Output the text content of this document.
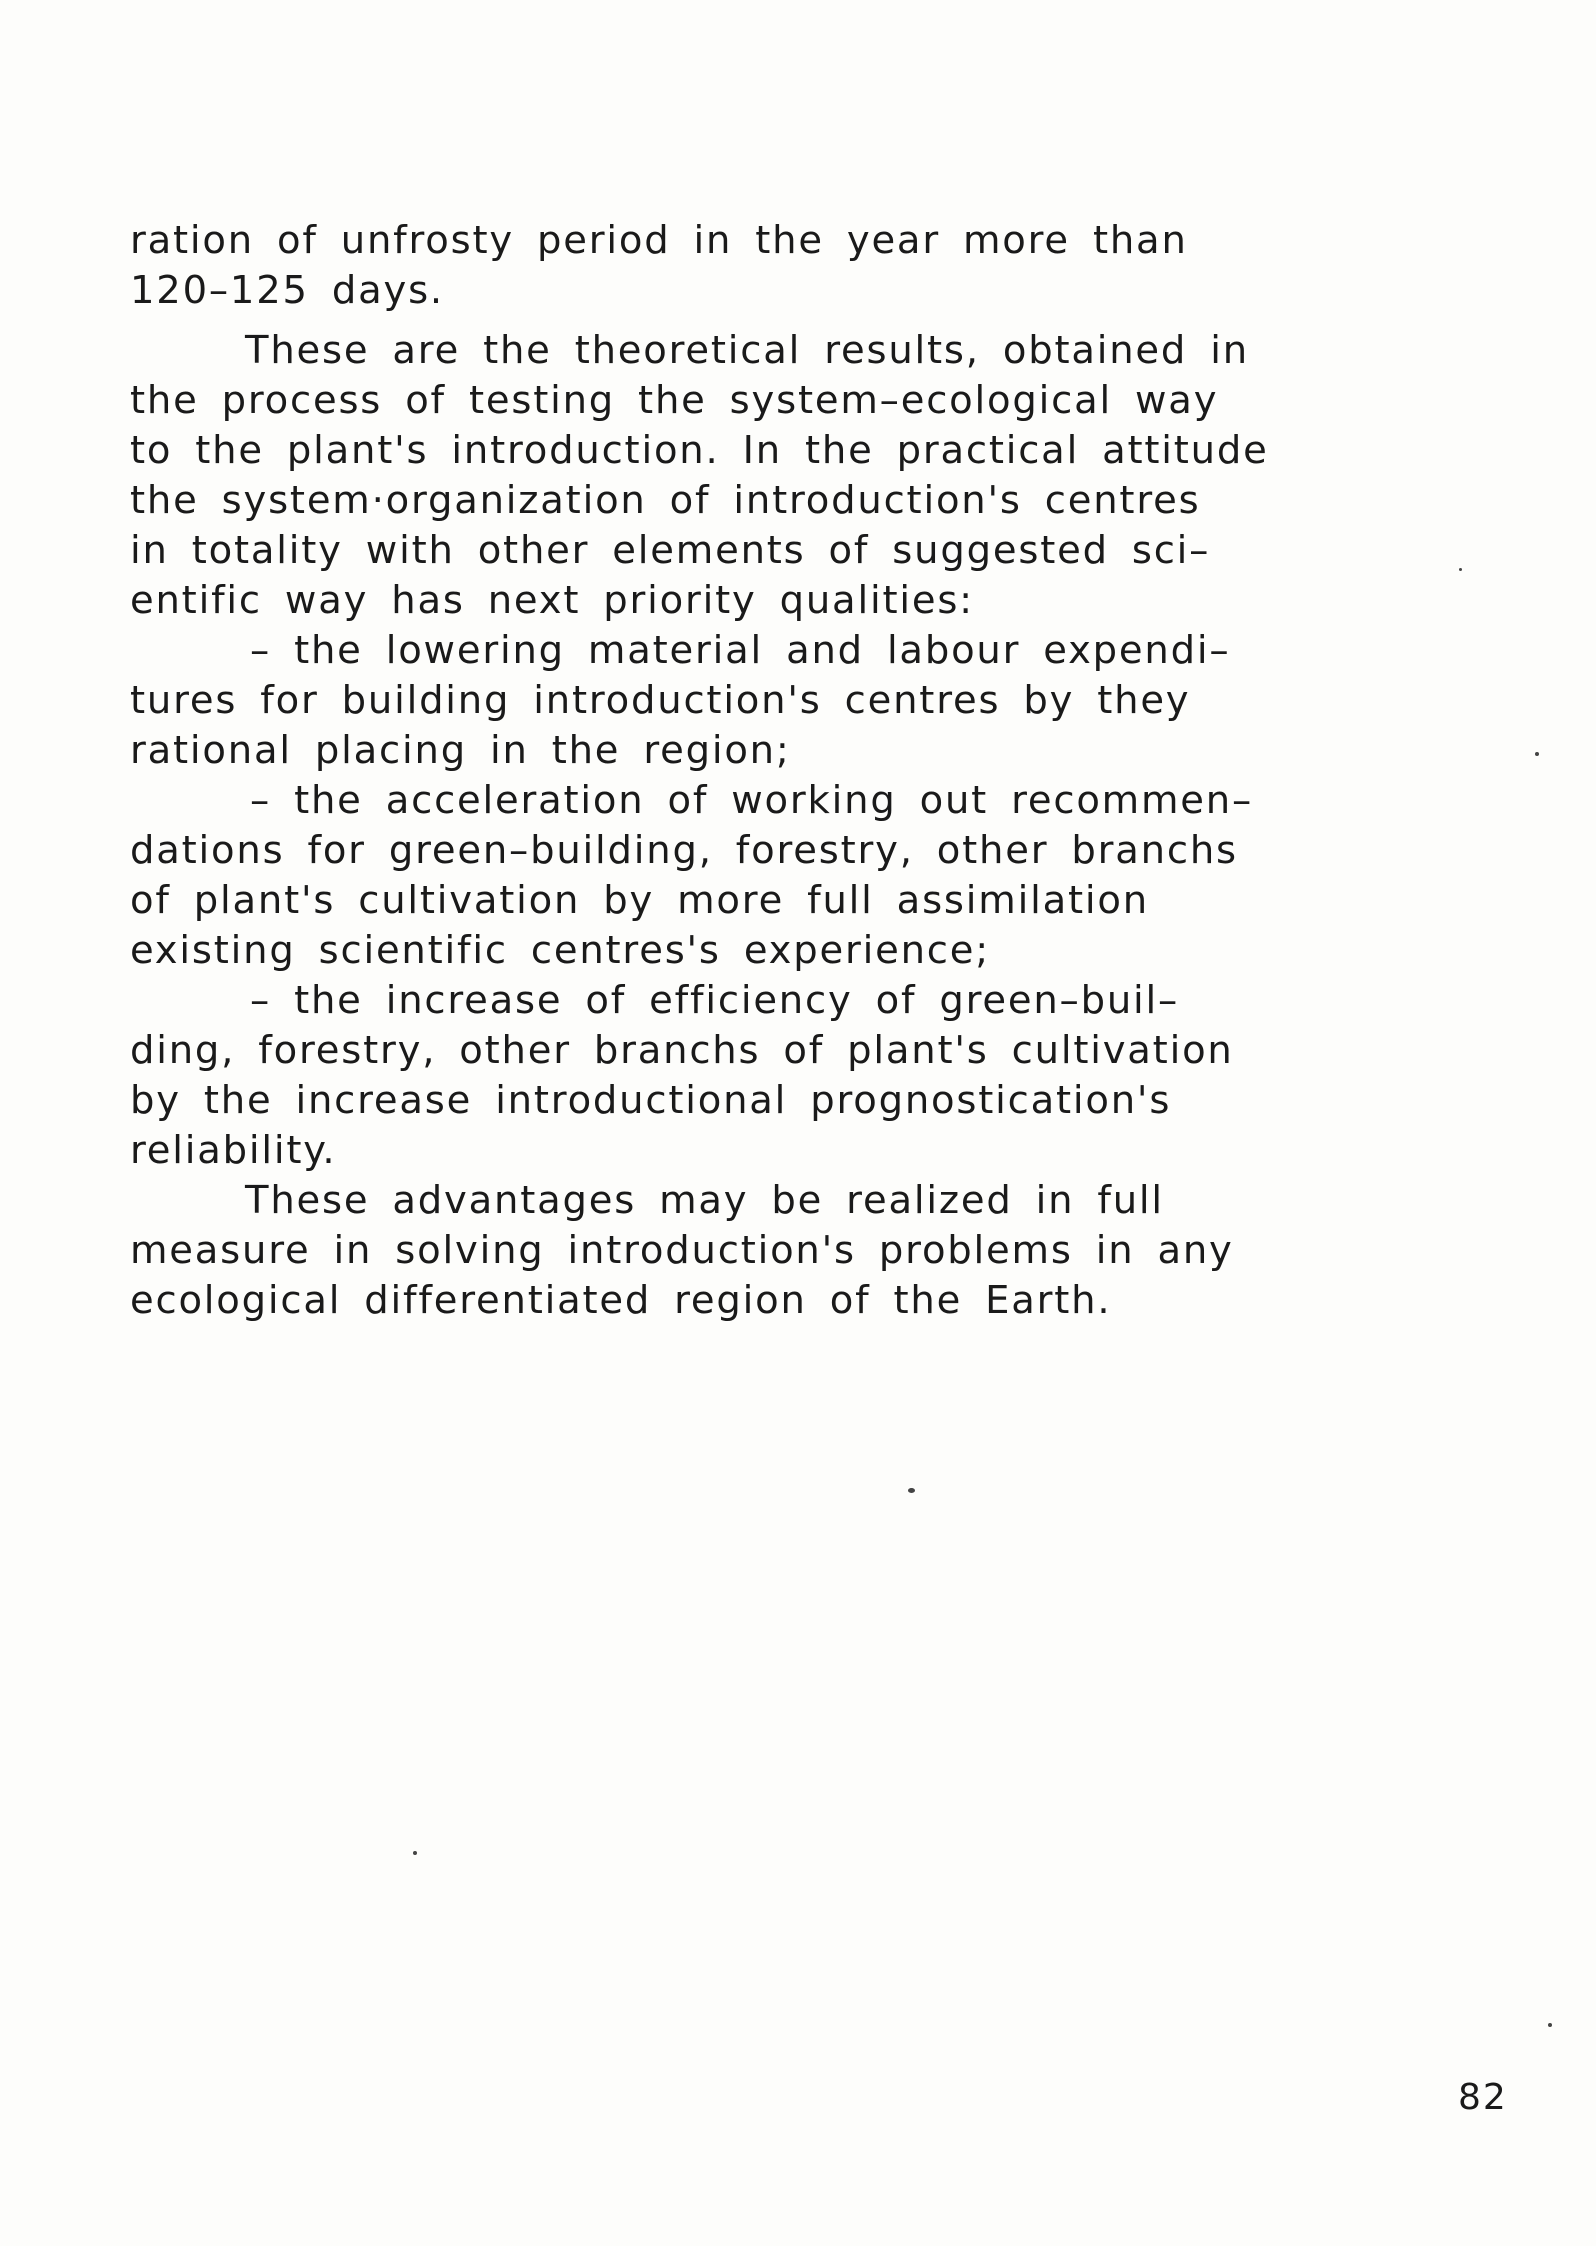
ration of unfrosty period in the year more than
120–125 days.
These are the theoretical results, obtained in
the process of testing the system–ecological way
to the plant's introduction. In the practical attitude
the system·organization of introduction's centres
in totality with other elements of suggested sci–
entific way has next priority qualities:
– the lowering material and labour expendi–
tures for building introduction's centres by they
rational placing in the region;
– the acceleration of working out recommen–
dations for green–building, forestry, other branchs
of plant's cultivation by more full assimilation
existing scientific centres's experience;
– the increase of efficiency of green–buil–
ding, forestry, other branchs of plant's cultivation
by the increase introductional prognostication's
reliability.
These advantages may be realized in full
measure in solving introduction's problems in any
ecological differentiated region of the Earth.
82
